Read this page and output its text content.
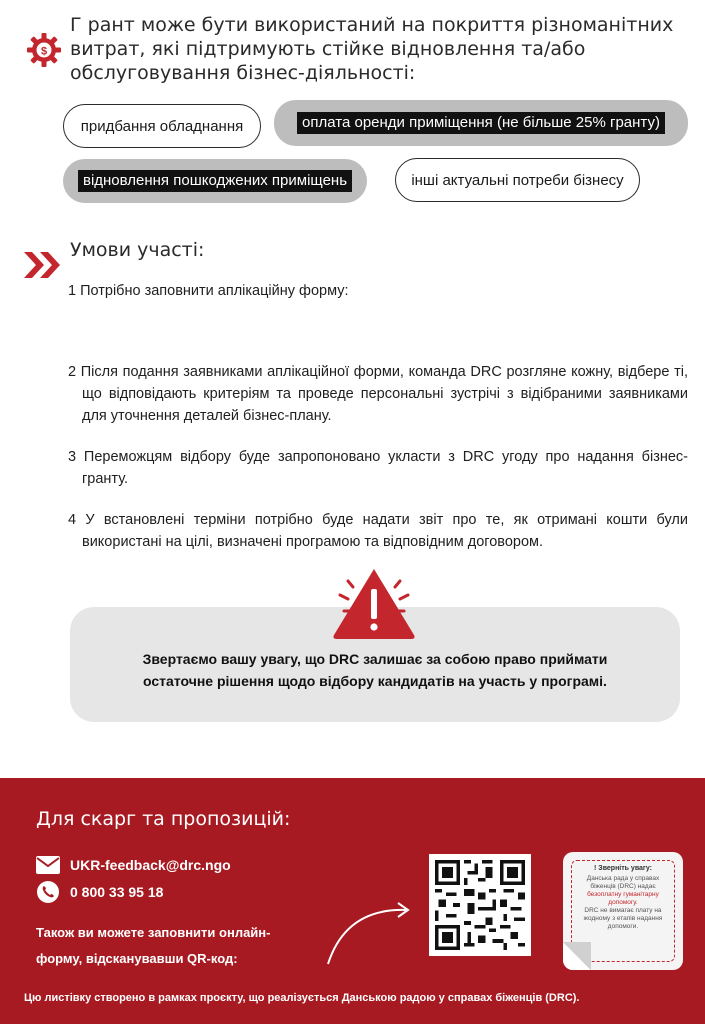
$
Г рант може бути використаний на покриття різноманітних витрат, які підтримують стійке відновлення та/або обслуговування бізнес-діяльності:
придбання обладнання	оплата оренди приміщення (не більше 25% гранту)
відновлення пошкоджених приміщень	інші актуальні потреби бізнесу
Умови участі:
1 Потрібно заповнити аплікаційну форму:
2 Після подання заявниками аплікаційної форми, команда DRC розгляне кожну, відбере ті, що відповідають критеріям та проведе персональні зустрічі з відібраними заявниками для уточнення деталей бізнес-плану.
3 Переможцям відбору буде запропоновано укласти з DRC угоду про надання бізнес-гранту.
4 У встановлені терміни потрібно буде надати звіт про те, як отримані кошти були використані на цілі, визначені програмою та відповідним договором.
Звертаємо вашу увагу, що DRC залишає за собою право приймати
остаточне рішення щодо відбору кандидатів на участь у програмі.
Для скарг та пропозицій:
UKR-feedback@drc.ngo
0 800 33 95 18
Також ви можете заповнити онлайн-
форму, відсканувавши QR-код:
! Зверніть увагу:
Данська рада у справах біженців (DRC) надає
безоплатну гуманітарну допомогу.
DRC не вимагає плату на жодному з етапів надання допомоги.
Цю листівку створено в рамках проєкту, що реалізується Данською радою у справах біженців (DRC).
